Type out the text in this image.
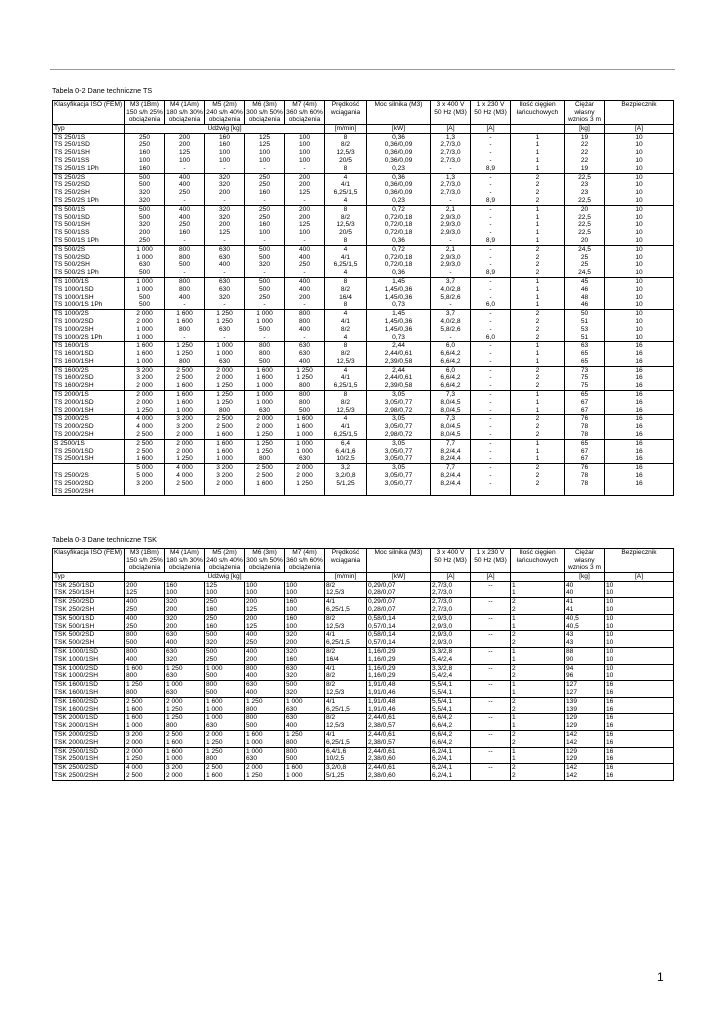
Tabela 0-2 Dane techniczne TS
Klasyfikacja ISO (FEM)	M3 (1Bm) 150 s/h 25% obciążenia	M4 (1Am) 180 s/h 30% obciążenia	M5 (2m) 240 s/h 40% obciążenia	M6 (3m) 300 s/h 50% obciążenia	M7 (4m) 360 s/h 60% obciążenia	Prędkość wciągania	Moc silnika (M3)	3 x 400 V 50 Hz (M3)	1 x 230 V 50 Hz (M3)	Ilość cięgien łańcuchowych	Ciężar własny wznios 3 m	Bezpiecznik
Typ	Udźwig [kg]					[m/min]	[kW]	[A]	[A]		[kg]	[A]
TS 250/1S	250	200	160	125	100	8	0,36	1,3	-	1	19	10
TS 250/1SD	250	200	160	125	100	8/2	0,36/0,09	2,7/3,0	-	1	22	10
TS 250/1SH	160	125	100	100	100	12,5/3	0,36/0,09	2,7/3,0	-	1	22	10
TS 250/1SS	100	100	100	100	100	20/5	0,36/0,09	2,7/3,0	-	1	22	10
TS 250/1S 1Ph	160	-	-	-	-	8	0,23	-	8,9	1	19	10
TS 250/2S	500	400	320	250	200	4	0,36	1,3	-	2	22,5	10
TS 250/2SD	500	400	320	250	200	4/1	0,36/0,09	2,7/3,0	-	2	23	10
TS 250/2SH	320	250	200	160	125	6,25/1,5	0,36/0,09	2,7/3,0	-	2	23	10
TS 250/2S 1Ph	320	-	-	-	-	4	0,23	-	8,9	2	22,5	10
TS 500/1S	500	400	320	250	200	8	0,72	2,1	-	1	20	10
TS 500/1SD	500	400	320	250	200	8/2	0,72/0,18	2,9/3,0	-	1	22,5	10
TS 500/1SH	320	250	200	160	125	12,5/3	0,72/0,18	2,9/3,0	-	1	22,5	10
TS 500/1SS	200	160	125	100	100	20/5	0,72/0,18	2,9/3,0	-	1	22,5	10
TS 500/1S 1Ph	250	-	-	-	-	8	0,36	-	8,9	1	20	10
TS 500/2S	1 000	800	630	500	400	4	0,72	2,1	-	2	24,5	10
TS 500/2SD	1 000	800	630	500	400	4/1	0,72/0,18	2,9/3,0	-	2	25	10
TS 500/2SH	630	500	400	320	250	6,25/1,5	0,72/0,18	2,9/3,0	-	2	25	10
TS 500/2S 1Ph	500	-	-	-	-	4	0,36	-	8,9	2	24,5	10
TS 1000/1S	1 000	800	630	500	400	8	1,45	3,7	-	1	45	10
TS 1000/1SD	1 000	800	630	500	400	8/2	1,45/0,36	4,0/2,8	-	1	46	10
TS 1000/1SH	500	400	320	250	200	16/4	1,45/0,36	5,8/2,6	-	1	48	10
TS 1000/1S 1Ph	500	-	-	-	-	8	0,73	-	6,0	1	46	10
TS 1000/2S	2 000	1 600	1 250	1 000	800	4	1,45	3,7	-	2	50	10
TS 1000/2SD	2 000	1 600	1 250	1 000	800	4/1	1,45/0,36	4,0/2,8	-	2	51	10
TS 1000/2SH	1 000	800	630	500	400	8/2	1,45/0,36	5,8/2,6	-	2	53	10
TS 1000/2S 1Ph	1 000	-	-	-	-	4	0,73	-	6,0	2	51	10
TS 1600/1S	1 600	1 250	1 000	800	630	8	2,44	6,0	-	1	63	16
TS 1600/1SD	1 600	1 250	1 000	800	630	8/2	2,44/0,61	6,6/4,2	-	1	65	16
TS 1600/1SH	1 000	800	630	500	400	12,5/3	2,39/0,58	6,6/4,2	-	1	65	16
TS 1600/2S	3 200	2 500	2 000	1 600	1 250	4	2,44	6,0	-	2	73	16
TS 1600/2SD	3 200	2 500	2 000	1 600	1 250	4/1	2,44/0,61	6,6/4,2	-	2	75	16
TS 1600/2SH	2 000	1 600	1 250	1 000	800	6,25/1,5	2,39/0,58	6,6/4,2	-	2	75	16
TS 2000/1S	2 000	1 600	1 250	1 000	800	8	3,05	7,3	-	1	65	16
TS 2000/1SD	2 000	1 600	1 250	1 000	800	8/2	3,05/0,77	8,0/4,5	-	1	67	16
TS 2000/1SH	1 250	1 000	800	630	500	12,5/3	2,98/0,72	8,0/4,5	-	1	67	16
TS 2000/2S	4 000	3 200	2 500	2 000	1 600	4	3,05	7,3	-	2	76	16
TS 2000/2SD	4 000	3 200	2 500	2 000	1 600	4/1	3,05/0,77	8,0/4,5	-	2	78	16
TS 2000/2SH	2 500	2 000	1 600	1 250	1 000	6,25/1,5	2,98/0,72	8,0/4,5	-	2	78	16
S 2500/1S	2 500	2 000	1 600	1 250	1 000	6,4	3,05	7,7	-	1	65	16
TS 2500/1SD	2 500	2 000	1 600	1 250	1 000	6,4/1,6	3,05/0,77	8,2/4,4	-	1	67	16
TS 2500/1SH	1 600	1 250	1 000	800	630	10/2,5	3,05/0,77	8,2/4,4	-	1	67	16
	5 000	4 000	3 200	2 500	2 000	3,2	3,05	7,7	-	2	76	16
TS 2500/2S	5 000	4 000	3 200	2 500	2 000	3,2/0,8	3,05/0,77	8,2/4,4	-	2	78	16
TS 2500/2SD	3 200	2 500	2 000	1 600	1 250	5/1,25	3,05/0,77	8,2/4,4	-	2	78	16
TS 2500/2SH												
Tabela 0-3 Dane techniczne TSK
Klasyfikacja ISO (FEM)	M3 (1Bm) 150 s/h 25% obciążenia	M4 (1Am) 180 s/h 30% obciążenia	M5 (2m) 240 s/h 40% obciążenia	M6 (3m) 300 s/h 50% obciążenia	M7 (4m) 360 s/h 60% obciążenia	Prędkość wciągania	Moc silnika (M3)	3 x 400 V 50 Hz (M3)	1 x 230 V 50 Hz (M3)	Ilość cięgien łańcuchowych	Ciężar własny wznios 3 m	Bezpiecznik
Typ	Udźwig [kg]					[m/min]	[kW]	[A]	[A]		[kg]	[A]
TSK 250/1SD	200	160	125	100	100	8/2	0,29/0,07	2,7/3,0	--	1	40	10
TSK 250/1SH	125	100	100	100	100	12,5/3	0,28/0,07	2,7/3,0		1	40	10
TSK 250/2SD	400	320	250	200	160	4/1	0,29/0,07	2,7/3,0	--	2	41	10
TSK 250/2SH	250	200	160	125	100	6,25/1,5	0,28/0,07	2,7/3,0		2	41	10
TSK 500/1SD	400	320	250	200	160	8/2	0,58/0,14	2,9/3,0	--	1	40,5	10
TSK 500/1SH	250	200	160	125	100	12,5/3	0,57/0,14	2,9/3,0		1	40,5	10
TSK 500/2SD	800	630	500	400	320	4/1	0,58/0,14	2,9/3,0	--	2	43	10
TSK 500/2SH	500	400	320	250	200	6,25/1,5	0,57/0,14	2,9/3,0		2	43	10
TSK 1000/1SD	800	630	500	400	320	8/2	1,16/0,29	3,3/2,8	--	1	88	10
TSK 1000/1SH	400	320	250	200	160	16/4	1,16/0,29	5,4/2,4		1	90	10
TSK 1000/2SD	1 600	1 250	1 000	800	630	4/1	1,16/0,29	3,3/2,8	--	2	94	10
TSK 1000/2SH	800	630	500	400	320	8/2	1,16/0,29	5,4/2,4		2	96	10
TSK 1600/1SD	1 250	1 000	800	630	500	8/2	1,91/0,48	5,5/4,1	--	1	127	16
TSK 1600/1SH	800	630	500	400	320	12,5/3	1,91/0,46	5,5/4,1		1	127	16
TSK 1600/2SD	2 500	2 000	1 600	1 250	1 000	4/1	1,91/0,48	5,5/4,1	--	2	139	16
TSK 1600/2SH	1 600	1 250	1 000	800	630	6,25/1,5	1,91/0,46	5,5/4,1		2	139	16
TSK 2000/1SD	1 600	1 250	1 000	800	630	8/2	2,44/0,61	6,6/4,2	--	1	129	16
TSK 2000/1SH	1 000	800	630	500	400	12,5/3	2,38/0,57	6,6/4,2		1	129	16
TSK 2000/2SD	3 200	2 500	2 000	1 600	1 250	4/1	2,44/0,61	6,6/4,2	--	2	142	16
TSK 2000/2SH	2 000	1 600	1 250	1 000	800	6,25/1,5	2,38/0,57	6,6/4,2		2	142	16
TSK 2500/1SD	2 000	1 600	1 250	1 000	800	6,4/1,6	2,44/0,61	6,2/4,1	--	1	129	16
TSK 2500/1SH	1 250	1 000	800	630	500	10/2,5	2,38/0,60	6,2/4,1		1	129	16
TSK 2500/2SD	4 000	3 200	2 500	2 000	1 600	3,2/0,8	2,44/0,61	6,2/4,1	--	2	142	16
TSK 2500/2SH	2 500	2 000	1 600	1 250	1 000	5/1,25	2,38/0,60	6,2/4,1		2	142	16
1
